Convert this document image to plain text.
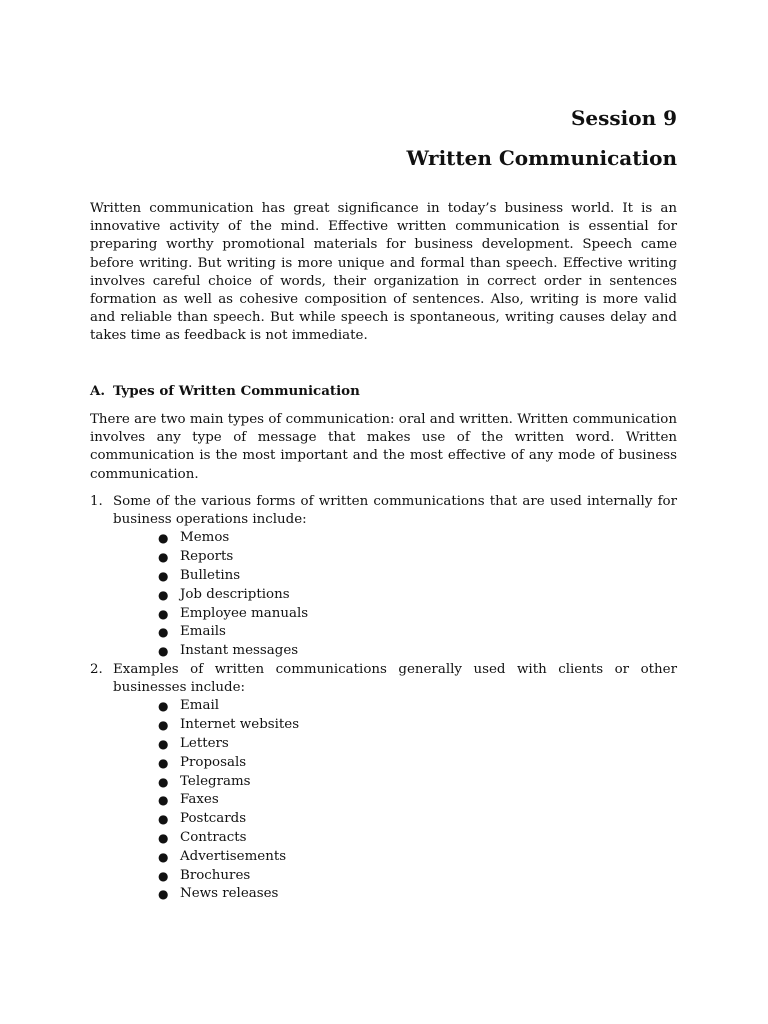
Session 9
Written Communication

Written communication has great significance in today’s business world. It is an innovative activity of the mind. Effective written communication is essential for preparing worthy promotional materials for business development. Speech came before writing. But writing is more unique and formal than speech. Effective writing involves careful choice of words, their organization in correct order in sentences formation as well as cohesive composition of sentences. Also, writing is more valid and reliable than speech. But while speech is spontaneous, writing causes delay and takes time as feedback is not immediate.

A. Types of Written Communication

There are two main types of communication: oral and written. Written communication involves any type of message that makes use of the written word. Written communication is the most important and the most effective of any mode of business communication.

1. Some of the various forms of written communications that are used internally for business operations include:
● Memos
● Reports
● Bulletins
● Job descriptions
● Employee manuals
● Emails
● Instant messages
2. Examples of written communications generally used with clients or other businesses include:
● Email
● Internet websites
● Letters
● Proposals
● Telegrams
● Faxes
● Postcards
● Contracts
● Advertisements
● Brochures
● News releases
